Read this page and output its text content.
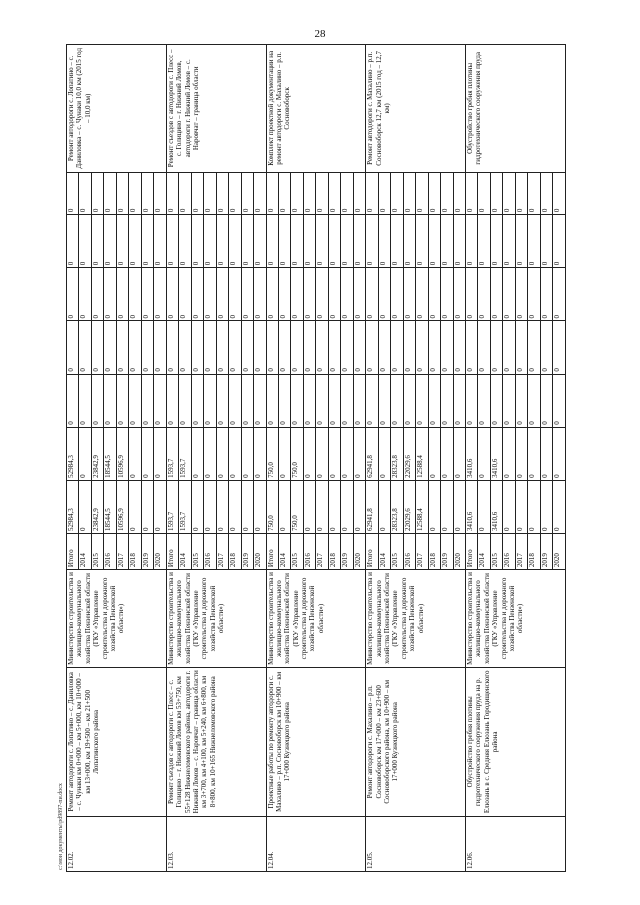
28
12.02.	Ремонт автодороги с. Лопатино – с. Даниловка – с. Чунаки км 0+000 – км 5+000, км 10+000 – км 13+000, км 19+500 – км 21+500 Лопатинского района	Министерство строительства и жилищно-коммунального хозяйства Пензенской области (ГКУ «Управление строительства и дорожного хозяйства Пензенской области»)	Итого	52984,3	52984,3	0	0	0	0	0	Ремонт автодороги с. Лопатино – с. Даниловка – с. Чунаки 10,0 км (2015 год – 10,0 км)
			2014	0	0	0	0	0	0	0	
			2015	23842,9	23842,9	0	0	0	0	0	
			2016	18544,5	18544,5	0	0	0	0	0	
			2017	10596,9	10596,9	0	0	0	0	0	
			2018	0	0	0	0	0	0	0	
			2019	0	0	0	0	0	0	0	
			2020	0	0	0	0	0	0	0	
12.03.	Ремонт съездов с автодороги с. Плесс – с. Голицино – г. Нижний Ломов км 53+750, км 55+128 Нижнеломовского района, автодороги г. Нижний Ломов – с. Наровчат – граница области км 3+700, км 4+100, км 5+240, км 6+800, км 8+800, км 10+165 Нижнеломовского района	Министерство строительства и жилищно-коммунального хозяйства Пензенской области (ГКУ «Управление строительства и дорожного хозяйства Пензенской области»)	Итого	1593,7	1593,7	0	0	0	0	0	Ремонт съездов с автодороги с. Плесс – с. Голицино – г. Нижний Ломов, автодороги г. Нижний Ломов – с. Наровчат – граница области
			2014	1593,7	1593,7	0	0	0	0	0	
			2015	0	0	0	0	0	0	0	
			2016	0	0	0	0	0	0	0	
			2017	0	0	0	0	0	0	0	
			2018	0	0	0	0	0	0	0	
			2019	0	0	0	0	0	0	0	
			2020	0	0	0	0	0	0	0	
12.04.	Проектные работы по ремонту автодороги с. Махалино – р.п. Сосновоборск км 10+900 – км 17+000 Кузнецкого района	Министерство строительства и жилищно-коммунального хозяйства Пензенской области (ГКУ «Управление строительства и дорожного хозяйства Пензенской области»)	Итого	750,0	750,0	0	0	0	0	0	Комплект проектной документации на ремонт автодороги с. Махалино – р.п. Сосновоборск
			2014	0	0	0	0	0	0	0	
			2015	750,0	750,0	0	0	0	0	0	
			2016	0	0	0	0	0	0	0	
			2017	0	0	0	0	0	0	0	
			2018	0	0	0	0	0	0	0	
			2019	0	0	0	0	0	0	0	
			2020	0	0	0	0	0	0	0	
12.05.	Ремонт автодороги с. Махалино – р.п. Сосновоборск км 17+000 – км 23+600 Сосновоборского района, км 10+900 – км 17+000 Кузнецкого района	Министерство строительства и жилищно-коммунального хозяйства Пензенской области (ГКУ «Управление строительства и дорожного хозяйства Пензенской области»)	Итого	62941,8	62941,8	0	0	0	0	0	Ремонт автодороги с. Махалино – р.п. Сосновоборск 12,7 км (2015 год – 12,7 км)
			2014	0	0	0	0	0	0	0	
			2015	28323,8	28323,8	0	0	0	0	0	
			2016	22029,6	22029,6	0	0	0	0	0	
			2017	12588,4	12588,4	0	0	0	0	0	
			2018	0	0	0	0	0	0	0	
			2019	0	0	0	0	0	0	0	
			2020	0	0	0	0	0	0	0	
12.06.	Обустройство гребня плотины гидротехнического сооружения пруда на р. Елюзань в с. Средняя Елюзань Городищенского района	Министерство строительства и жилищно-коммунального хозяйства Пензенской области (ГКУ «Управление строительства и дорожного хозяйства Пензенской области»)	Итого	3410,6	3410,6	0	0	0	0	0	Обустройство гребня плотины гидротехнического сооружения пруда
			2014	0	0	0	0	0	0	0	
			2015	3410,6	3410,6	0	0	0	0	0	
			2016	0	0	0	0	0	0	0	
			2017	0	0	0	0	0	0	0	
			2018	0	0	0	0	0	0	0	
			2019	0	0	0	0	0	0	0	
			2020	0	0	0	0	0	0	0	
c:\мои документы\pd9897-пи.docx
